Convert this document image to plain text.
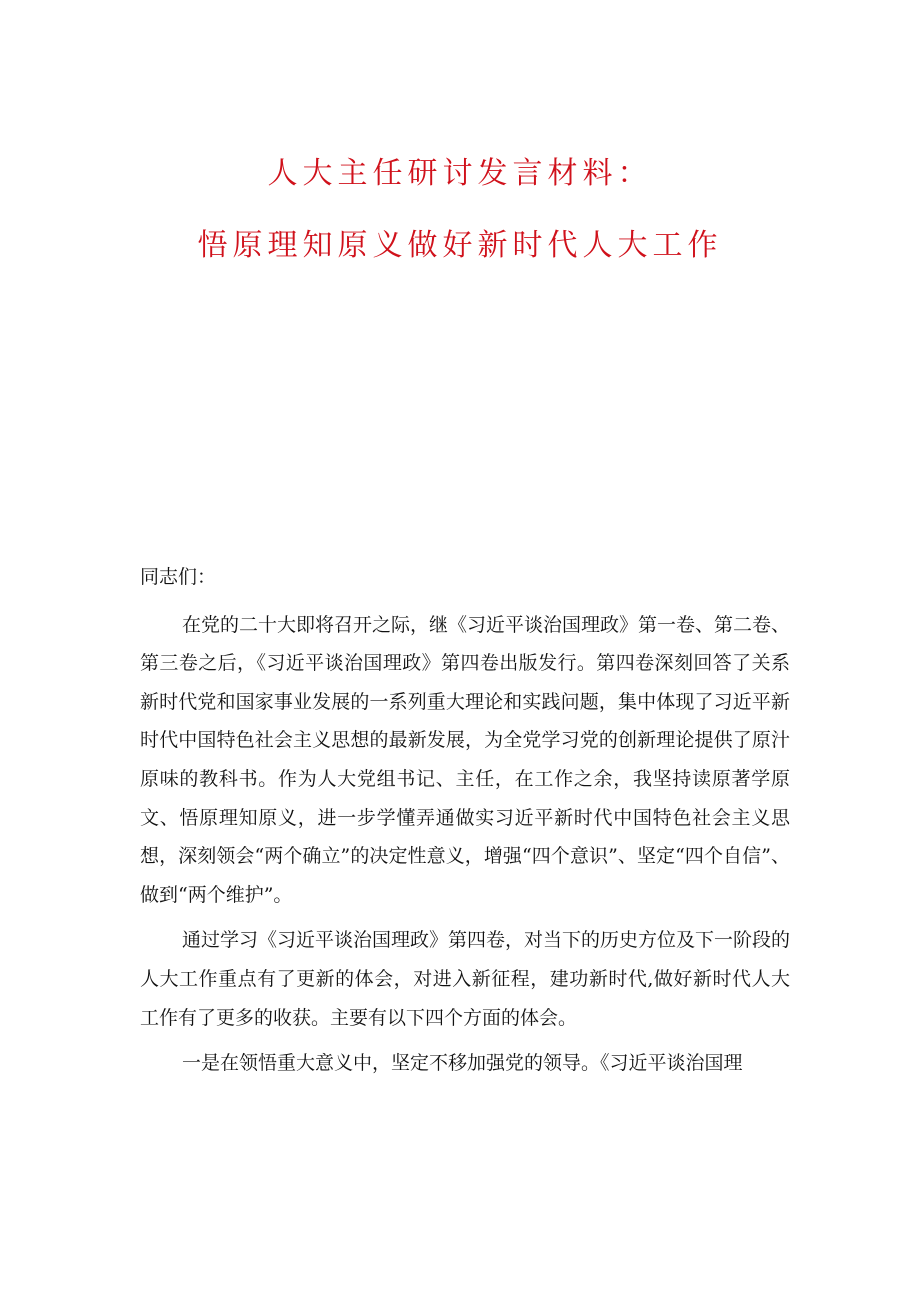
人大主任研讨发言材料：
悟原理知原义做好新时代人大工作

同志们：

在党的二十大即将召开之际，继《习近平谈治国理政》第一卷、第二卷、第三卷之后，《习近平谈治国理政》第四卷出版发行。第四卷深刻回答了关系新时代党和国家事业发展的一系列重大理论和实践问题，集中体现了习近平新时代中国特色社会主义思想的最新发展，为全党学习党的创新理论提供了原汁原味的教科书。作为人大党组书记、主任，在工作之余，我坚持读原著学原文、悟原理知原义，进一步学懂弄通做实习近平新时代中国特色社会主义思想，深刻领会“两个确立”的决定性意义，增强“四个意识”、坚定“四个自信”、做到“两个维护”。

通过学习《习近平谈治国理政》第四卷，对当下的历史方位及下一阶段的人大工作重点有了更新的体会，对进入新征程，建功新时代,做好新时代人大工作有了更多的收获。主要有以下四个方面的体会。

一是在领悟重大意义中，坚定不移加强党的领导。《习近平谈治国理
